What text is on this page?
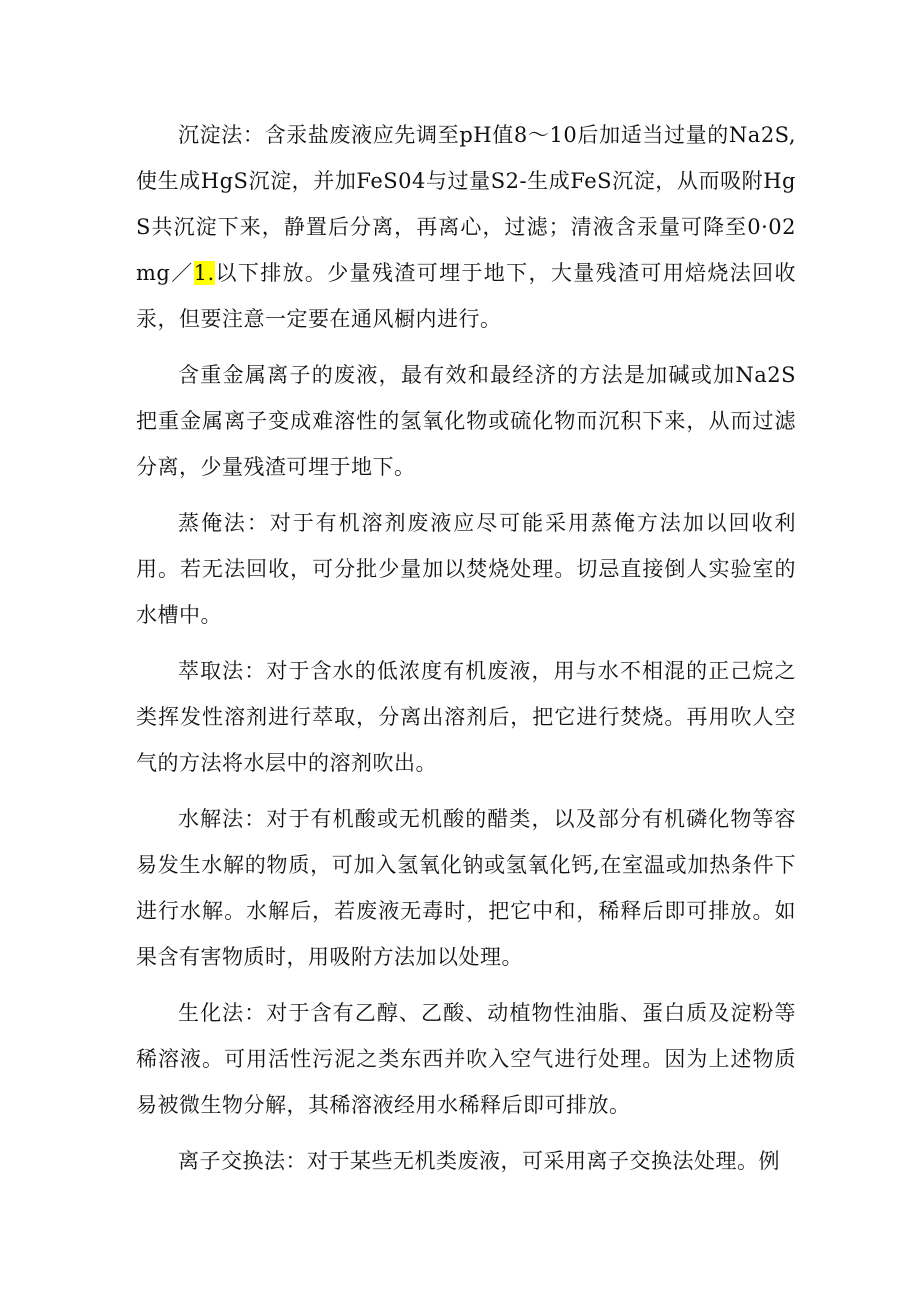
沉淀法：含汞盐废液应先调至pH值8～10后加适当过量的Na2S,使生成HgS沉淀，并加FeS04与过量S2-生成FeS沉淀，从而吸附HgS共沉淀下来，静置后分离，再离心，过滤；清液含汞量可降至0·02mg／1.以下排放。少量残渣可埋于地下，大量残渣可用焙烧法回收汞，但要注意一定要在通风橱内进行。

含重金属离子的废液，最有效和最经济的方法是加碱或加Na2S把重金属离子变成难溶性的氢氧化物或硫化物而沉积下来，从而过滤分离，少量残渣可埋于地下。

蒸俺法：对于有机溶剂废液应尽可能采用蒸俺方法加以回收利用。若无法回收，可分批少量加以焚烧处理。切忌直接倒人实验室的水槽中。

萃取法：对于含水的低浓度有机废液，用与水不相混的正己烷之类挥发性溶剂进行萃取，分离出溶剂后，把它进行焚烧。再用吹人空气的方法将水层中的溶剂吹出。

水解法：对于有机酸或无机酸的醋类，以及部分有机磷化物等容易发生水解的物质，可加入氢氧化钠或氢氧化钙,在室温或加热条件下进行水解。水解后，若废液无毒时，把它中和，稀释后即可排放。如果含有害物质时，用吸附方法加以处理。

生化法：对于含有乙醇、乙酸、动植物性油脂、蛋白质及淀粉等稀溶液。可用活性污泥之类东西并吹入空气进行处理。因为上述物质易被微生物分解，其稀溶液经用水稀释后即可排放。

离子交换法：对于某些无机类废液，可采用离子交换法处理。例
